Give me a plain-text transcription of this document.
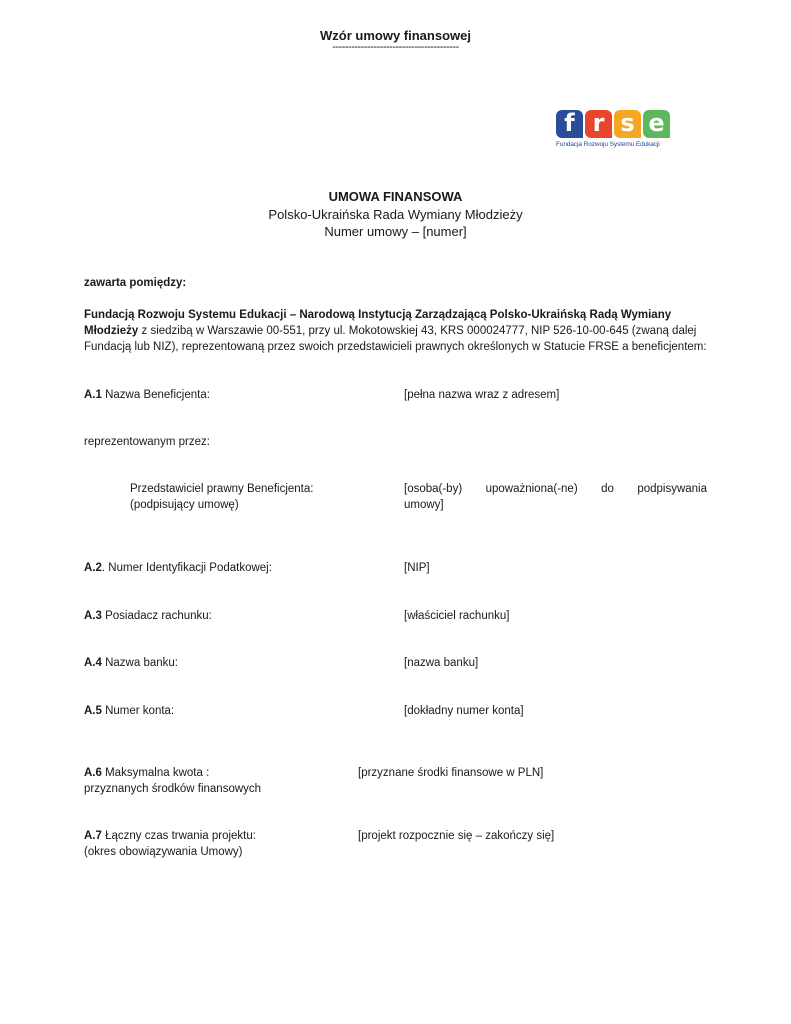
Wzór umowy finansowej
----------------------------------------
f r s e
Fundacja Rozwoju Systemu Edukacji
UMOWA FINANSOWA
Polsko-Ukraińska Rada Wymiany Młodzieży
Numer umowy – [numer]
zawarta pomiędzy:
Fundacją Rozwoju Systemu Edukacji – Narodową Instytucją Zarządzającą Polsko-Ukraińską Radą Wymiany Młodzieży z siedzibą w Warszawie 00-551, przy ul. Mokotowskiej 43, KRS 000024777, NIP 526-10-00-645 (zwaną dalej Fundacją lub NIZ), reprezentowaną przez swoich przedstawicieli prawnych określonych w Statucie FRSE a beneficjentem:
A.1 Nazwa Beneficjenta:	[pełna nazwa wraz z adresem]
reprezentowanym przez:
Przedstawiciel prawny Beneficjenta:
(podpisujący umowę)
[osoba(-by)   upoważniona(-ne)   do   podpisywania
umowy]
A.2. Numer Identyfikacji Podatkowej:	[NIP]
A.3 Posiadacz rachunku:	[właściciel rachunku]
A.4 Nazwa banku:	[nazwa banku]
A.5 Numer konta:	[dokładny numer konta]
A.6 Maksymalna kwota :
przyznanych środków finansowych
[przyznane środki finansowe w PLN]
A.7 Łączny czas trwania projektu:
(okres obowiązywania Umowy)
[projekt rozpocznie się – zakończy się]
